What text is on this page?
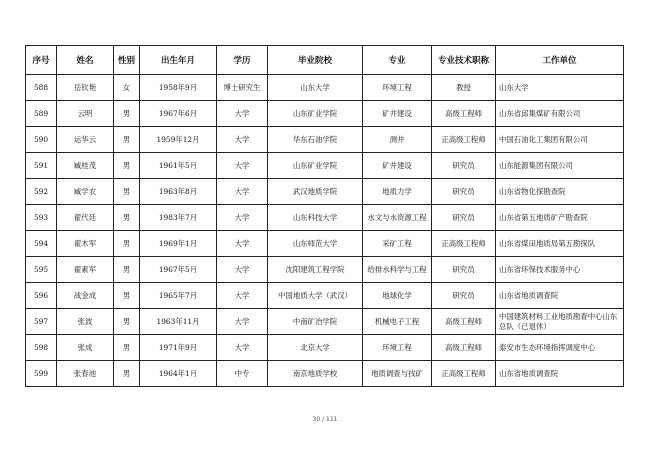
序号	姓名	性别	出生年月	学历	毕业院校	专业	专业技术职称	工作单位
588	岳钦艳	女	1958年9月	博士研究生	山东大学	环境工程	教授	山东大学
589	云明	男	1967年6月	大学	山东矿业学院	矿井建设	高级工程师	山东省邱集煤矿有限公司
590	运华云	男	1959年12月	大学	华东石油学院	测井	正高级工程师	中国石油化工集团有限公司
591	臧桂茂	男	1961年5月	大学	山东矿业学院	矿井建设	研究员	山东能源集团有限公司
592	臧学农	男	1963年8月	大学	武汉地质学院	地质力学	研究员	山东省物化探勘查院
593	翟代廷	男	1983年7月	大学	山东科技大学	水文与水资源工程	研究员	山东省第五地质矿产勘查院
594	翟木军	男	1969年1月	大学	山东师范大学	采矿工程	正高级工程师	山东省煤田地质局第五勘探队
595	翟素军	男	1967年5月	大学	沈阳建筑工程学院	给排水科学与工程	研究员	山东省环保技术服务中心
596	战金成	男	1965年7月	大学	中国地质大学（武汉）	地球化学	研究员	山东省地质调查院
597	张波	男	1963年11月	大学	中南矿冶学院	机械电子工程	高级工程师	中国建筑材料工业地质勘查中心山东总队（已退休）
598	张成	男	1971年9月	大学	北京大学	环境工程	高级工程师	泰安市生态环境指挥调度中心
599	张春池	男	1964年1月	中专	南京地质学校	地质调查与找矿	正高级工程师	山东省地质调查院
30 / 111
